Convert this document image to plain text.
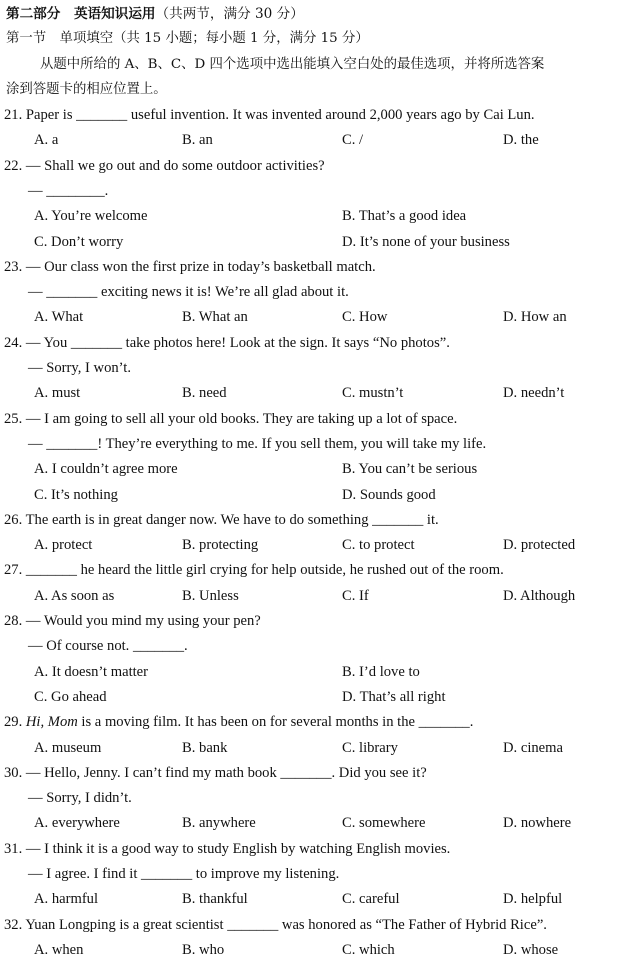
第二部分　英语知识运用（共两节，满分 30 分）
第一节　单项填空（共 15 小题；每小题 1 分，满分 15 分）
从题中所给的 A、B、C、D 四个选项中选出能填入空白处的最佳选项，并将所选答案
涂到答题卡的相应位置上。
21. Paper is _______ useful invention. It was invented around 2,000 years ago by Cai Lun.
A. a	B. an	C. /	D. the
22. — Shall we go out and do some outdoor activities?
— ________.
A. You’re welcome	B. That’s a good idea
C. Don’t worry	D. It’s none of your business
23. — Our class won the first prize in today’s basketball match.
— _______ exciting news it is! We’re all glad about it.
A. What	B. What an	C. How	D. How an
24. — You _______ take photos here! Look at the sign. It says “No photos”.
— Sorry, I won’t.
A. must	B. need	C. mustn’t	D. needn’t
25. — I am going to sell all your old books. They are taking up a lot of space.
— _______! They’re everything to me. If you sell them, you will take my life.
A. I couldn’t agree more	B. You can’t be serious
C. It’s nothing	D. Sounds good
26. The earth is in great danger now. We have to do something _______ it.
A. protect	B. protecting	C. to protect	D. protected
27. _______ he heard the little girl crying for help outside, he rushed out of the room.
A. As soon as	B. Unless	C. If	D. Although
28. — Would you mind my using your pen?
— Of course not. _______.
A. It doesn’t matter	B. I’d love to
C. Go ahead	D. That’s all right
29. Hi, Mom is a moving film. It has been on for several months in the _______.
A. museum	B. bank	C. library	D. cinema
30. — Hello, Jenny. I can’t find my math book _______. Did you see it?
— Sorry, I didn’t.
A. everywhere	B. anywhere	C. somewhere	D. nowhere
31. — I think it is a good way to study English by watching English movies.
— I agree. I find it _______ to improve my listening.
A. harmful	B. thankful	C. careful	D. helpful
32. Yuan Longping is a great scientist _______ was honored as “The Father of Hybrid Rice”.
A. when	B. who	C. which	D. whose
